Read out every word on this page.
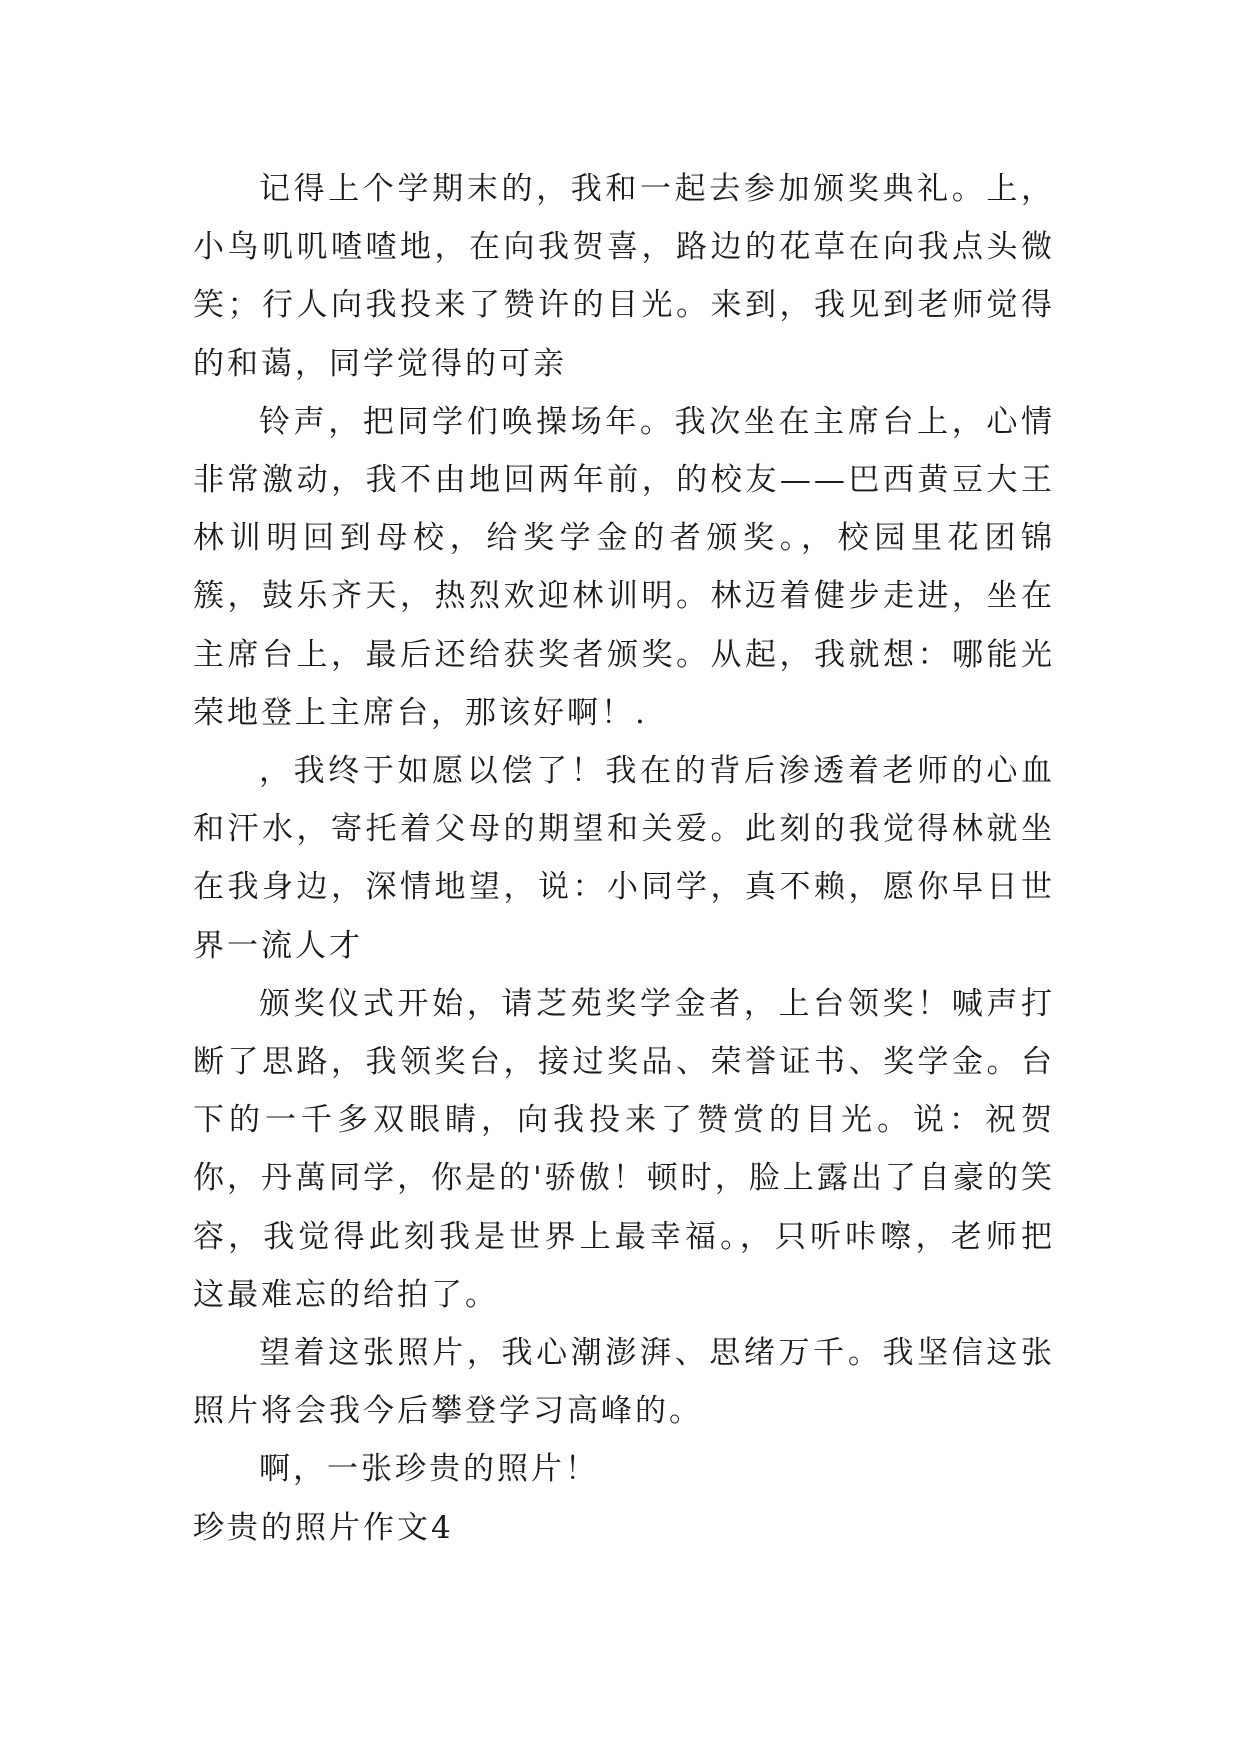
记得上个学期末的，我和一起去参加颁奖典礼。上，小鸟叽叽喳喳地，在向我贺喜，路边的花草在向我点头微笑；行人向我投来了赞许的目光。来到，我见到老师觉得的和蔼，同学觉得的可亲

铃声，把同学们唤操场年。我次坐在主席台上，心情非常激动，我不由地回两年前，的校友——巴西黄豆大王林训明回到母校，给奖学金的者颁奖。，校园里花团锦簇，鼓乐齐天，热烈欢迎林训明。林迈着健步走进，坐在主席台上，最后还给获奖者颁奖。从起，我就想：哪能光荣地登上主席台，那该好啊！.

，我终于如愿以偿了！我在的背后渗透着老师的心血和汗水，寄托着父母的期望和关爱。此刻的我觉得林就坐在我身边，深情地望，说：小同学，真不赖，愿你早日世界一流人才

颁奖仪式开始，请芝苑奖学金者，上台领奖！喊声打断了思路，我领奖台，接过奖品、荣誉证书、奖学金。台下的一千多双眼睛，向我投来了赞赏的目光。说：祝贺你，丹萬同学，你是的'骄傲！顿时，脸上露出了自豪的笑容，我觉得此刻我是世界上最幸福。，只听咔嚓，老师把这最难忘的给拍了。

望着这张照片，我心潮澎湃、思绪万千。我坚信这张照片将会我今后攀登学习高峰的。

啊，一张珍贵的照片！

珍贵的照片作文4
